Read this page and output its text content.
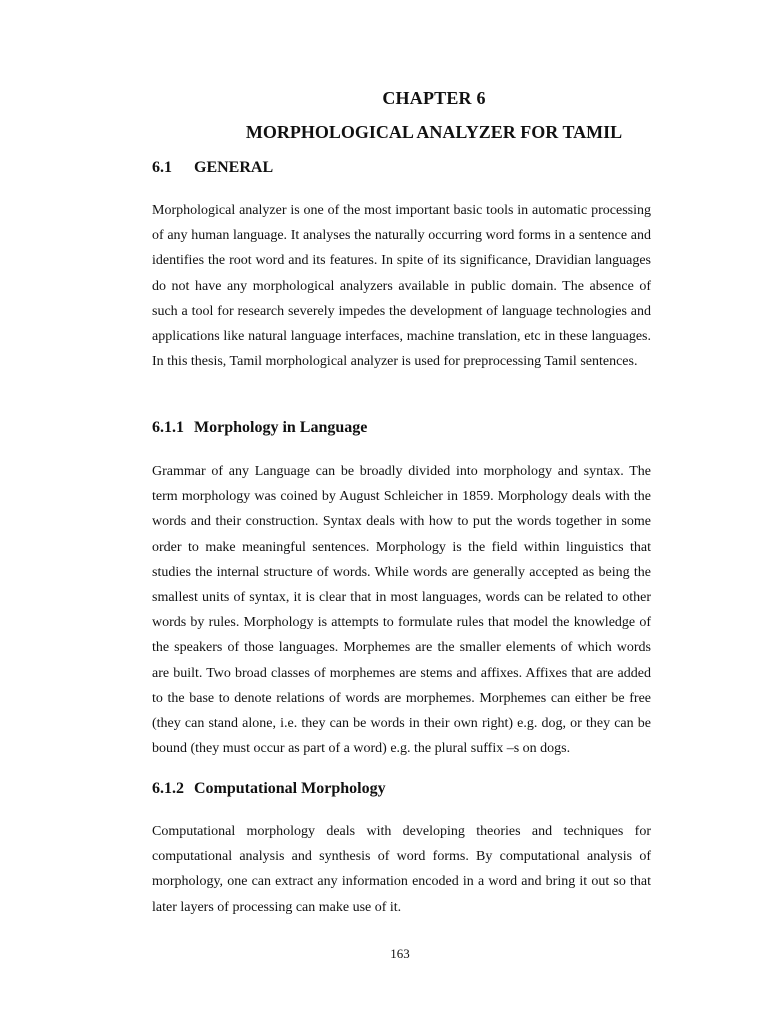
CHAPTER 6
MORPHOLOGICAL ANALYZER FOR TAMIL
6.1 GENERAL

Morphological analyzer is one of the most important basic tools in automatic processing of any human language. It analyses the naturally occurring word forms in a sentence and identifies the root word and its features. In spite of its significance, Dravidian languages do not have any morphological analyzers available in public domain. The absence of such a tool for research severely impedes the development of language technologies and applications like natural language interfaces, machine translation, etc in these languages. In this thesis, Tamil morphological analyzer is used for preprocessing Tamil sentences.

6.1.1 Morphology in Language

Grammar of any Language can be broadly divided into morphology and syntax. The term morphology was coined by August Schleicher in 1859. Morphology deals with the words and their construction. Syntax deals with how to put the words together in some order to make meaningful sentences. Morphology is the field within linguistics that studies the internal structure of words. While words are generally accepted as being the smallest units of syntax, it is clear that in most languages, words can be related to other words by rules. Morphology is attempts to formulate rules that model the knowledge of the speakers of those languages. Morphemes are the smaller elements of which words are built. Two broad classes of morphemes are stems and affixes. Affixes that are added to the base to denote relations of words are morphemes. Morphemes can either be free (they can stand alone, i.e. they can be words in their own right) e.g. dog, or they can be bound (they must occur as part of a word) e.g. the plural suffix –s on dogs.

6.1.2 Computational Morphology

Computational morphology deals with developing theories and techniques for computational analysis and synthesis of word forms. By computational analysis of morphology, one can extract any information encoded in a word and bring it out so that later layers of processing can make use of it.

163
